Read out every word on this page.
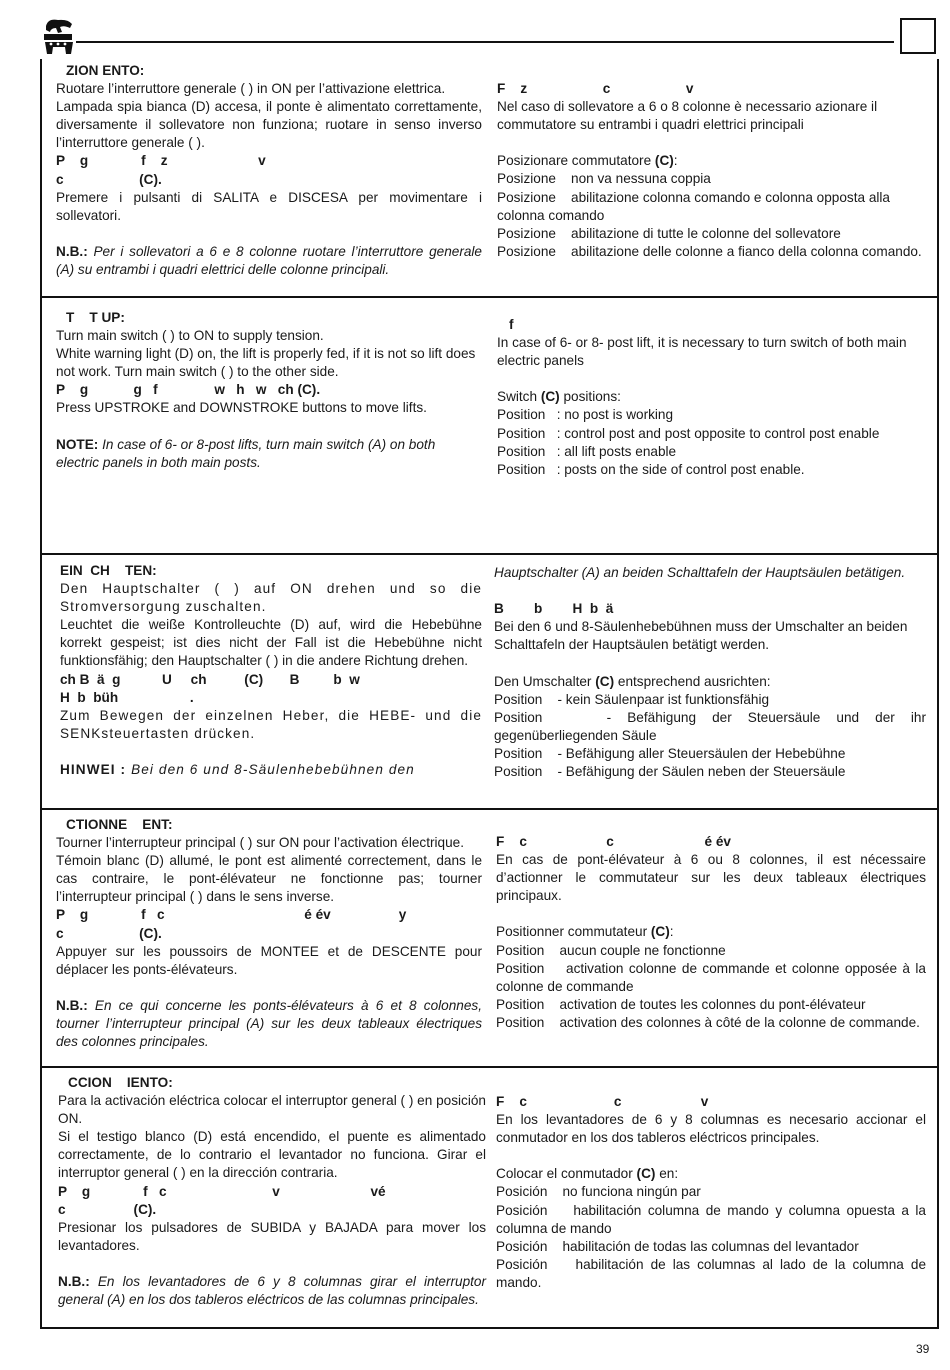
ZION ENTO:

Ruotare l’interruttore generale ( ) in ON per l’attivazione elettrica.

Lampada spia bianca (D) accesa, il ponte è alimentato correttamente, diversamente il sollevatore non funziona; ruotare in senso inverso l’interruttore generale ( ).

P    g              f    z                        v

c                    (C).

Premere i pulsanti di SALITA e DISCESA per movimentare i sollevatori.

N.B.: Per i sollevatori a 6 e 8 colonne ruotare l’interruttore generale (A) su entrambi i quadri elettrici delle colonne principali.

F    z                    c                    v

Nel caso di sollevatore a 6 o 8 colonne è necessario azionare il commutatore su entrambi i quadri elettrici principali

Posizionare commutatore (C):

Posizione    non va nessuna coppia

Posizione    abilitazione colonna comando e colonna opposta alla colonna comando

Posizione    abilitazione di tutte le colonne del sollevatore

Posizione    abilitazione delle colonne a fianco della colonna comando.

T    T UP:

Turn main switch ( ) to ON to supply tension.

White warning light (D) on, the lift is properly fed, if it is not so lift does not work. Turn main switch ( ) to the other side.

P    g            g   f               w   h   w   ch (C).

Press UPSTROKE and DOWNSTROKE buttons to move lifts.

NOTE: In case of 6- or 8-post lifts, turn main switch (A) on both electric panels in both main posts.

f

In case of 6- or 8- post lift, it is necessary to turn switch of both main electric panels

Switch (C) positions:

Position   : no post is working

Position   : control post and post opposite to control post enable

Position   : all lift posts enable

Position   : posts on the side of control post enable.

EIN  CH    TEN:

Den Hauptschalter ( ) auf ON drehen und so die Stromversorgung zuschalten.

Leuchtet die weiße Kontrolleuchte (D) auf, wird die Hebebühne korrekt gespeist; ist dies nicht der Fall ist die Hebebühne nicht funktionsfähig; den Hauptschalter ( ) in die andere Richtung drehen.

ch B  ä  g           U     ch          (C)       B         b  w

H  b  büh                   .

Zum Bewegen der einzelnen Heber, die HEBE- und die SENKsteuertasten drücken.

HINWEI : Bei den 6 und 8-Säulenhebebühnen den

Hauptschalter (A) an beiden Schalttafeln der Hauptsäulen betätigen.

B        b        H  b  ä

Bei den 6 und 8-Säulenhebebühnen muss der Umschalter an beiden Schalttafeln der Hauptsäulen betätigt werden.

Den Umschalter (C) entsprechend ausrichten:

Position    - kein Säulenpaar ist funktionsfähig

Position    - Befähigung der Steuersäule und der ihr gegenüberliegenden Säule

Position    - Befähigung aller Steuersäulen der Hebebühne

Position    - Befähigung der Säulen neben der Steuersäule

CTIONNE    ENT:

Tourner l’interrupteur principal ( ) sur ON pour l’activation électrique.

Témoin blanc (D) allumé, le pont est alimenté correctement, dans le cas contraire, le pont-élévateur ne fonctionne pas; tourner l’interrupteur principal ( ) dans le sens inverse.

P    g              f   c                                     é év                  y

c                    (C).

Appuyer sur les poussoirs de MONTEE et de DESCENTE pour déplacer les ponts-élévateurs.

N.B.: En ce qui concerne les ponts-élévateurs à 6 et 8 colonnes, tourner l’interrupteur principal (A) sur les deux tableaux électriques des colonnes principales.

F    c                     c                        é év

En cas de pont-élévateur à 6 ou 8 colonnes, il est nécessaire d’actionner le commutateur sur les deux tableaux électriques principaux.

Positionner commutateur (C):

Position    aucun couple ne fonctionne

Position    activation colonne de commande et colonne opposée à la colonne de commande

Position    activation de toutes les colonnes du pont-élévateur

Position    activation des colonnes à côté de la colonne de commande.

CCION    IENTO:

Para la activación eléctrica colocar el interruptor general ( ) en posición ON.

Si el testigo blanco (D) está encendido, el puente es alimentado correctamente, de lo contrario el levantador no funciona. Girar el interruptor general ( ) en la dirección contraria.

P    g              f   c                            v                        vé

c                  (C).

Presionar los pulsadores de SUBIDA y BAJADA para mover los levantadores.

N.B.: En los levantadores de 6 y 8 columnas girar el interruptor general (A) en los dos tableros eléctricos de las columnas principales.

F    c                       c                     v

En los levantadores de 6 y 8 columnas es necesario accionar el conmutador en los dos tableros eléctricos principales.

Colocar el conmutador (C) en:

Posición    no funciona ningún par

Posición    habilitación columna de mando y columna opuesta a la columna de mando

Posición    habilitación de todas las columnas del levantador

Posición    habilitación de las columnas al lado de la columna de mando.

39
